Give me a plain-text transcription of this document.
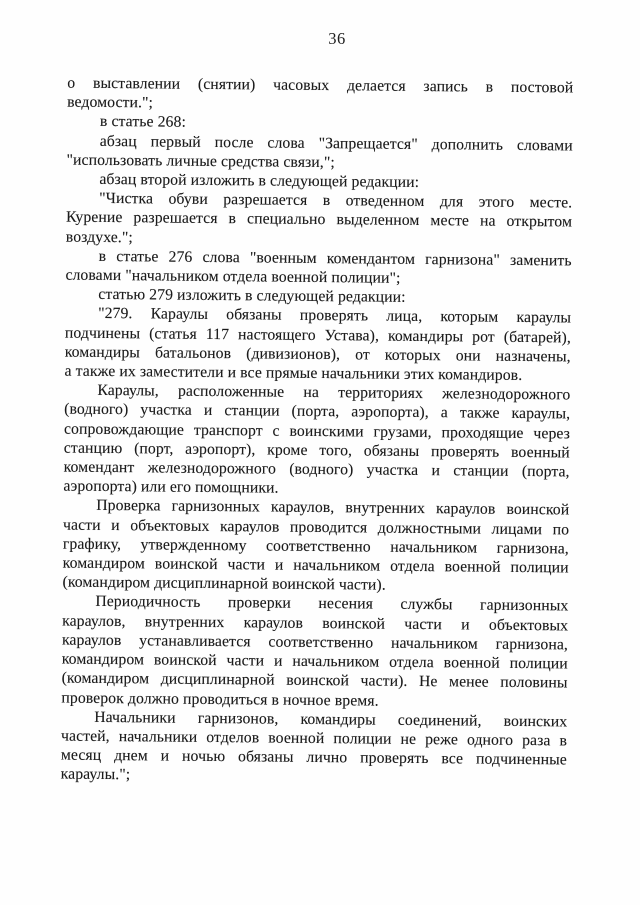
36
о выставлении (снятии) часовых делается запись в постовой
ведомости.";
в статье 268:
абзац первый после слова "Запрещается" дополнить словами
"использовать личные средства связи,";
абзац второй изложить в следующей редакции:
"Чистка обуви разрешается в отведенном для этого месте.
Курение разрешается в специально выделенном месте на открытом
воздухе.";
в статье 276 слова "военным комендантом гарнизона" заменить
словами "начальником отдела военной полиции";
статью 279 изложить в следующей редакции:
"279. Караулы обязаны проверять лица, которым караулы
подчинены (статья 117 настоящего Устава), командиры рот (батарей),
командиры батальонов (дивизионов), от которых они назначены,
а также их заместители и все прямые начальники этих командиров.
Караулы, расположенные на территориях железнодорожного
(водного) участка и станции (порта, аэропорта), а также караулы,
сопровождающие транспорт с воинскими грузами, проходящие через
станцию (порт, аэропорт), кроме того, обязаны проверять военный
комендант железнодорожного (водного) участка и станции (порта,
аэропорта) или его помощники.
Проверка гарнизонных караулов, внутренних караулов воинской
части и объектовых караулов проводится должностными лицами по
графику, утвержденному соответственно начальником гарнизона,
командиром воинской части и начальником отдела военной полиции
(командиром дисциплинарной воинской части).
Периодичность проверки несения службы гарнизонных
караулов, внутренних караулов воинской части и объектовых
караулов устанавливается соответственно начальником гарнизона,
командиром воинской части и начальником отдела военной полиции
(командиром дисциплинарной воинской части). Не менее половины
проверок должно проводиться в ночное время.
Начальники гарнизонов, командиры соединений, воинских
частей, начальники отделов военной полиции не реже одного раза в
месяц днем и ночью обязаны лично проверять все подчиненные
караулы.";
